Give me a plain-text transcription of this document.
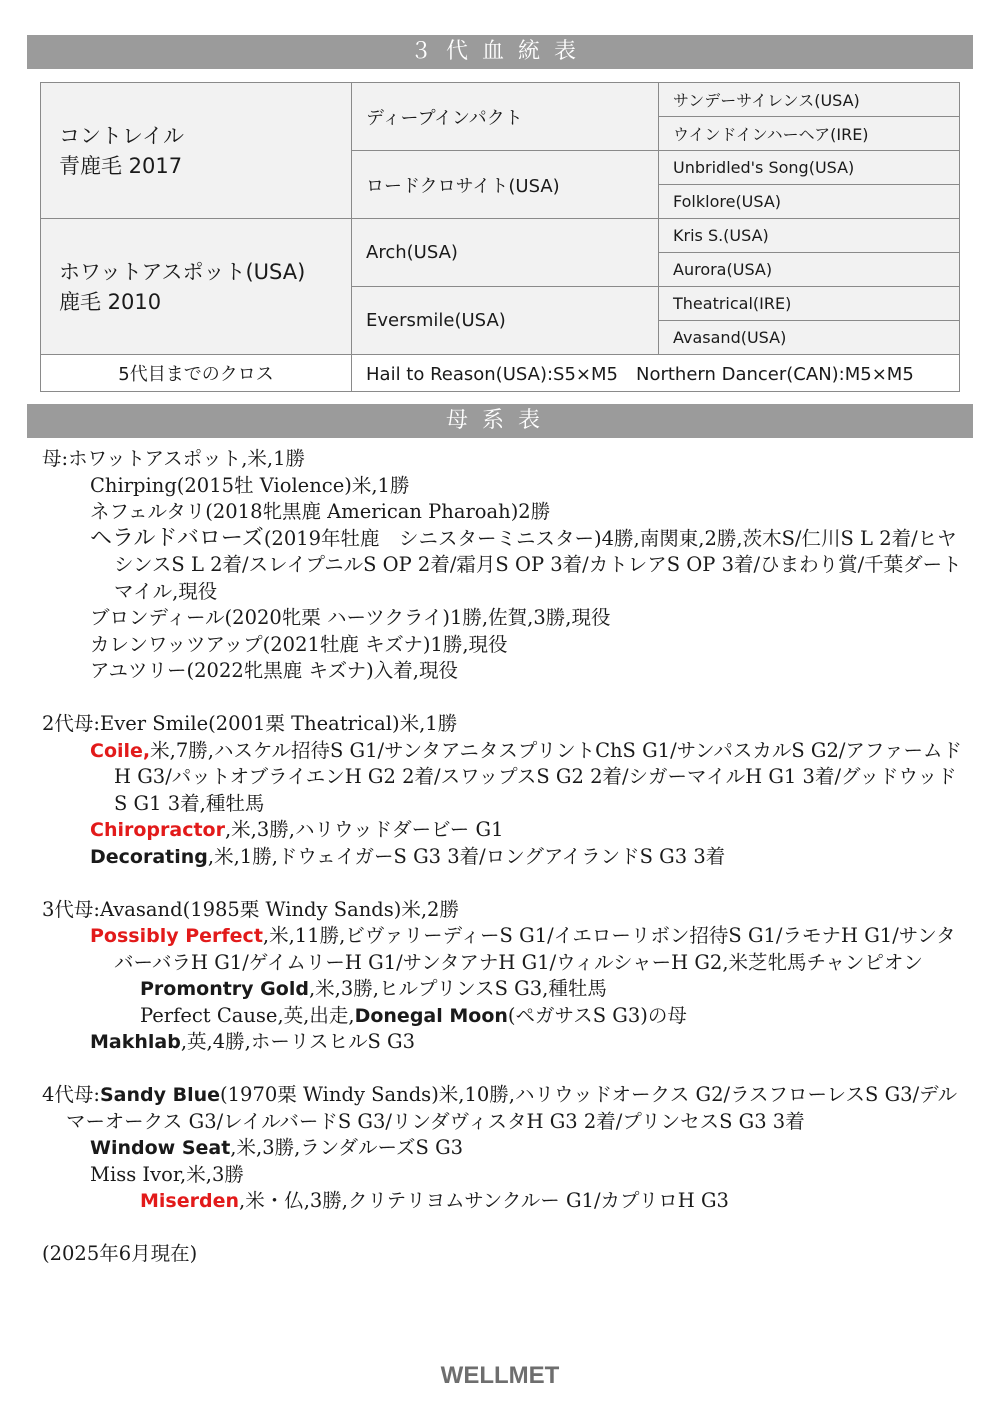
３代血統表
コントレイル
青鹿毛 2017	ディープインパクト	サンデーサイレンス(USA)
		ウインドインハーヘア(IRE)
	ロードクロサイト(USA)	Unbridled's Song(USA)
		Folklore(USA)

ホワットアスポット(USA)
鹿毛 2010	Arch(USA)	Kris S.(USA)
		Aurora(USA)
	Eversmile(USA)	Theatrical(IRE)
		Avasand(USA)
5代目までのクロス	Hail to Reason(USA):S5×M5　Northern Dancer(CAN):M5×M5	
母系表
母:ホワットアスポット,米,1勝
Chirping(2015牡 Violence)米,1勝
ネフェルタリ(2018牝黒鹿 American Pharoah)2勝
ヘラルドバローズ(2019年牡鹿　シニスターミニスター)4勝,南関東,2勝,茨木S/仁川S L 2着/ヒヤシンスS L 2着/スレイプニルS OP 2着/霜月S OP 3着/カトレアS OP 3着/ひまわり賞/千葉ダートマイル,現役
ブロンディール(2020牝栗 ハーツクライ)1勝,佐賀,3勝,現役
カレンワッツアップ(2021牡鹿 キズナ)1勝,現役
アユツリー(2022牝黒鹿 キズナ)入着,現役
2代母:Ever Smile(2001栗 Theatrical)米,1勝
Coile,米,7勝,ハスケル招待S G1/サンタアニタスプリントChS G1/サンパスカルS G2/アファームドH G3/パットオブライエンH G2 2着/スワップスS G2 2着/シガーマイルH G1 3着/グッドウッドS G1 3着,種牡馬
Chiropractor,米,3勝,ハリウッドダービー G1
Decorating,米,1勝,ドウェイガーS G3 3着/ロングアイランドS G3 3着
3代母:Avasand(1985栗 Windy Sands)米,2勝
Possibly Perfect,米,11勝,ビヴァリーディーS G1/イエローリボン招待S G1/ラモナH G1/サンタバーバラH G1/ゲイムリーH G1/サンタアナH G1/ウィルシャーH G2,米芝牝馬チャンピオン
Promontry Gold,米,3勝,ヒルプリンスS G3,種牡馬
Perfect Cause,英,出走,Donegal Moon(ペガサスS G3)の母
Makhlab,英,4勝,ホーリスヒルS G3
4代母:Sandy Blue(1970栗 Windy Sands)米,10勝,ハリウッドオークス G2/ラスフローレスS G3/デルマーオークス G3/レイルバードS G3/リンダヴィスタH G3 2着/プリンセスS G3 3着
Window Seat,米,3勝,ランダルーズS G3
Miss Ivor,米,3勝
Miserden,米・仏,3勝,クリテリヨムサンクルー G1/カプリロH G3
(2025年6月現在)
WELLMET
